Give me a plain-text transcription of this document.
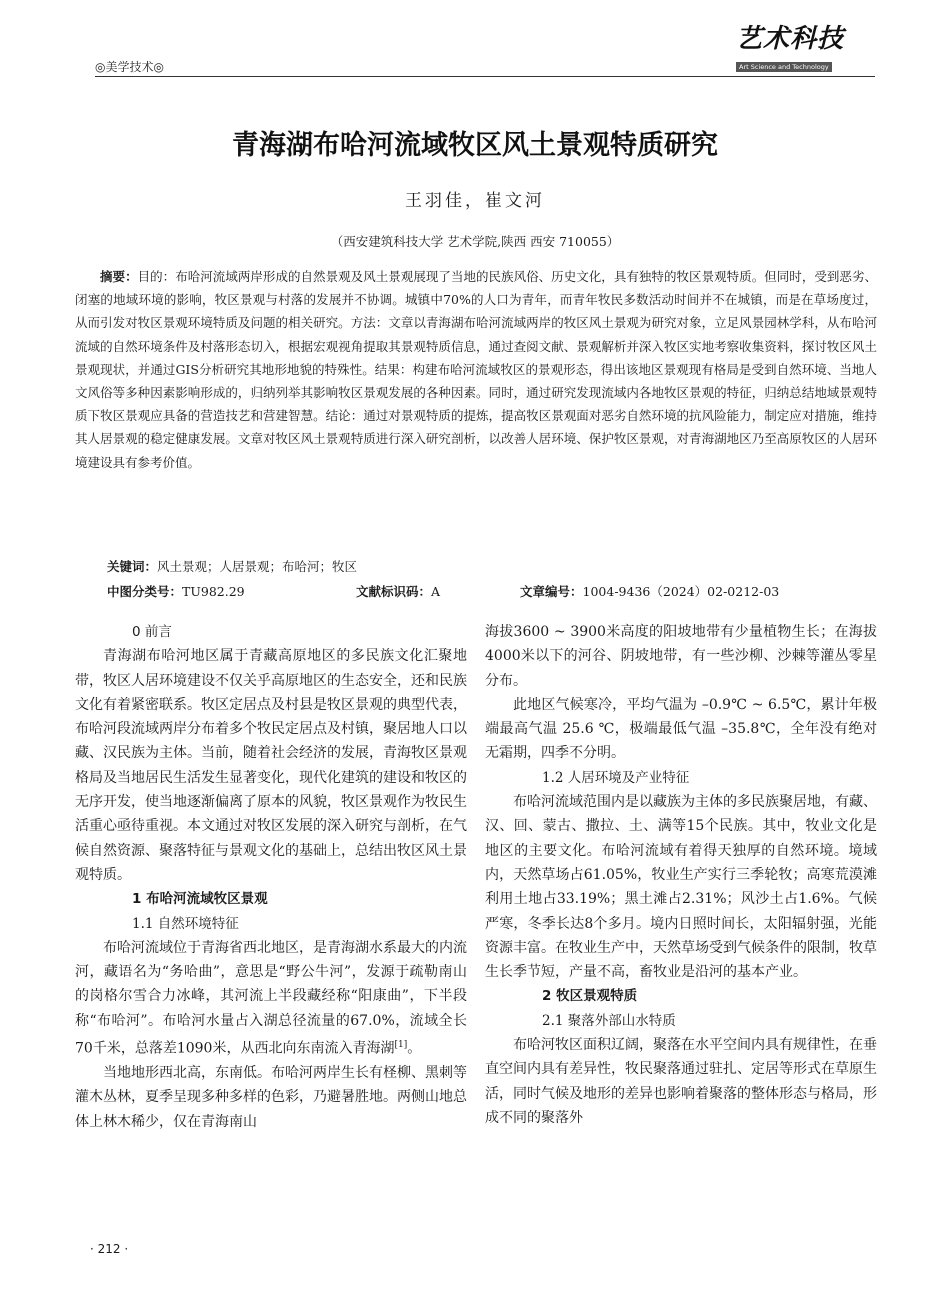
◎美学技术◎
艺术科技
Art Science and Technology
青海湖布哈河流域牧区风土景观特质研究
王羽佳，崔文河
（西安建筑科技大学 艺术学院,陕西 西安 710055）
摘要：目的：布哈河流域两岸形成的自然景观及风土景观展现了当地的民族风俗、历史文化，具有独特的牧区景观特质。但同时，受到恶劣、闭塞的地域环境的影响，牧区景观与村落的发展并不协调。城镇中70%的人口为青年，而青年牧民多数活动时间并不在城镇，而是在草场度过，从而引发对牧区景观环境特质及问题的相关研究。方法：文章以青海湖布哈河流域两岸的牧区风土景观为研究对象，立足风景园林学科，从布哈河流域的自然环境条件及村落形态切入，根据宏观视角提取其景观特质信息，通过查阅文献、景观解析并深入牧区实地考察收集资料，探讨牧区风土景观现状，并通过GIS分析研究其地形地貌的特殊性。结果：构建布哈河流域牧区的景观形态，得出该地区景观现有格局是受到自然环境、当地人文风俗等多种因素影响形成的，归纳列举其影响牧区景观发展的各种因素。同时，通过研究发现流域内各地牧区景观的特征，归纳总结地域景观特质下牧区景观应具备的营造技艺和营建智慧。结论：通过对景观特质的提炼，提高牧区景观面对恶劣自然环境的抗风险能力，制定应对措施，维持其人居景观的稳定健康发展。文章对牧区风土景观特质进行深入研究剖析，以改善人居环境、保护牧区景观，对青海湖地区乃至高原牧区的人居环境建设具有参考价值。
关键词：风土景观；人居景观；布哈河；牧区
中图分类号：TU982.29	文献标识码：A	文章编号：1004-9436（2024）02-0212-03

0 前言

青海湖布哈河地区属于青藏高原地区的多民族文化汇聚地带，牧区人居环境建设不仅关乎高原地区的生态安全，还和民族文化有着紧密联系。牧区定居点及村县是牧区景观的典型代表，布哈河段流域两岸分布着多个牧民定居点及村镇，聚居地人口以藏、汉民族为主体。当前，随着社会经济的发展，青海牧区景观格局及当地居民生活发生显著变化，现代化建筑的建设和牧区的无序开发，使当地逐渐偏离了原本的风貌，牧区景观作为牧民生活重心亟待重视。本文通过对牧区发展的深入研究与剖析，在气候自然资源、聚落特征与景观文化的基础上，总结出牧区风土景观特质。

1 布哈河流域牧区景观

1.1 自然环境特征

布哈河流域位于青海省西北地区，是青海湖水系最大的内流河，藏语名为“务哈曲”，意思是“野公牛河”，发源于疏勒南山的岗格尔雪合力冰峰，其河流上半段藏经称“阳康曲”，下半段称“布哈河”。布哈河水量占入湖总径流量的67.0%，流域全长70千米，总落差1090米，从西北向东南流入青海湖[1]。

当地地形西北高，东南低。布哈河两岸生长有柽柳、黑刺等灌木丛林，夏季呈现多种多样的色彩，乃避暑胜地。两侧山地总体上林木稀少，仅在青海南山

海拔3600 ~ 3900米高度的阳坡地带有少量植物生长；在海拔4000米以下的河谷、阴坡地带，有一些沙柳、沙棘等灌丛零星分布。

此地区气候寒冷，平均气温为 –0.9℃ ~ 6.5℃，累计年极端最高气温 25.6 ℃，极端最低气温 –35.8℃，全年没有绝对无霜期，四季不分明。

1.2 人居环境及产业特征

布哈河流域范围内是以藏族为主体的多民族聚居地，有藏、汉、回、蒙古、撒拉、土、满等15个民族。其中，牧业文化是地区的主要文化。布哈河流域有着得天独厚的自然环境。境域内，天然草场占61.05%，牧业生产实行三季轮牧；高寒荒漠滩利用土地占33.19%；黑土滩占2.31%；风沙土占1.6%。气候严寒，冬季长达8个多月。境内日照时间长，太阳辐射强，光能资源丰富。在牧业生产中，天然草场受到气候条件的限制，牧草生长季节短，产量不高，畜牧业是沿河的基本产业。

2 牧区景观特质

2.1 聚落外部山水特质

布哈河牧区面积辽阔，聚落在水平空间内具有规律性，在垂直空间内具有差异性，牧民聚落通过驻扎、定居等形式在草原生活，同时气候及地形的差异也影响着聚落的整体形态与格局，形成不同的聚落外

· 212 ·
